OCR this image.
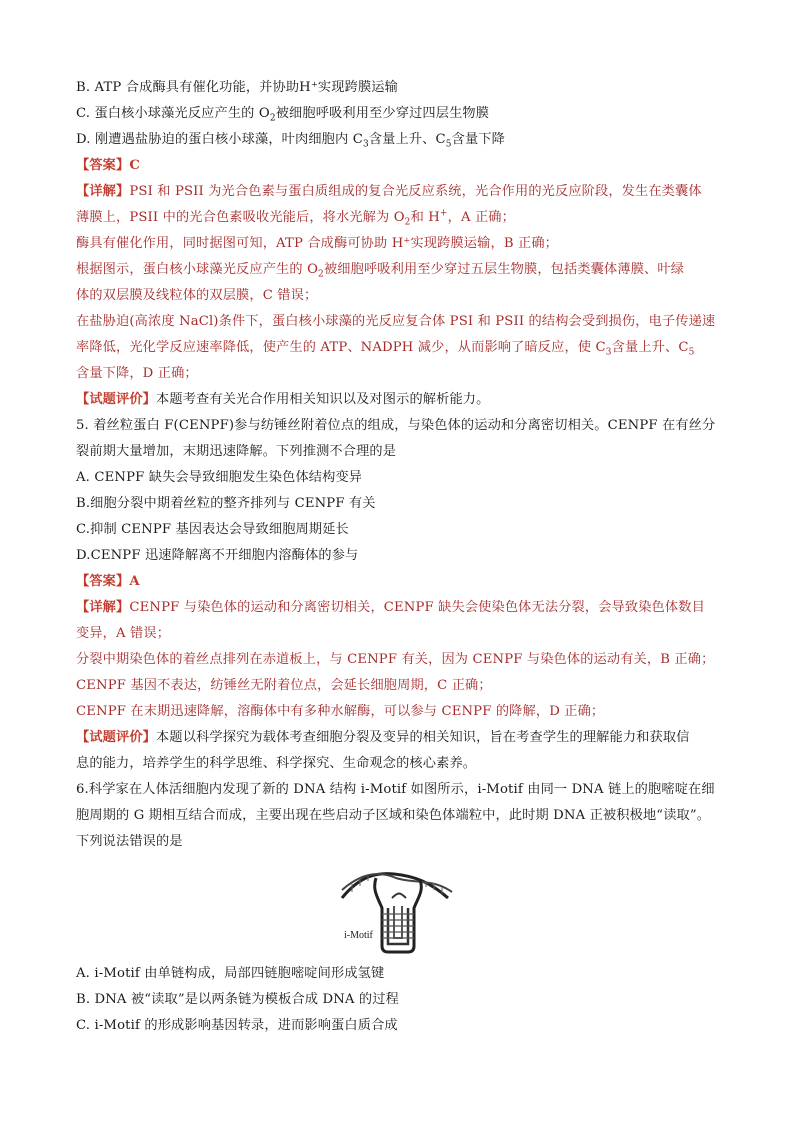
B. ATP 合成酶具有催化功能，并协助H⁺实现跨膜运输
C. 蛋白核小球藻光反应产生的 $O_2$被细胞呼吸利用至少穿过四层生物膜
D. 刚遭遇盐胁迫的蛋白核小球藻，叶肉细胞内 $C_3$含量上升、$C_5$含量下降
【答案】C
【详解】PSI 和 PSII 为光合色素与蛋白质组成的复合光反应系统，光合作用的光反应阶段，发生在类囊体
薄膜上，PSII 中的光合色素吸收光能后，将水光解为 $O_2$和 H+，A 正确；
酶具有催化作用，同时据图可知，ATP 合成酶可协助 H⁺实现跨膜运输，B 正确；
根据图示，蛋白核小球藻光反应产生的 $O_2$被细胞呼吸利用至少穿过五层生物膜，包括类囊体薄膜、叶绿
体的双层膜及线粒体的双层膜，C 错误；
在盐胁迫(高浓度 NaCl)条件下，蛋白核小球藻的光反应复合体 PSI 和 PSII 的结构会受到损伤，电子传递速
率降低，光化学反应速率降低，使产生的 ATP、NADPH 减少，从而影响了暗反应，使 $C_3$含量上升、$C_5$
含量下降，D 正确；
【试题评价】本题考查有关光合作用相关知识以及对图示的解析能力。
5. 着丝粒蛋白 F(CENPF)参与纺锤丝附着位点的组成，与染色体的运动和分离密切相关。CENPF 在有丝分
裂前期大量增加，末期迅速降解。下列推测不合理的是
A. CENPF 缺失会导致细胞发生染色体结构变异
B.细胞分裂中期着丝粒的整齐排列与 CENPF 有关
C.抑制 CENPF 基因表达会导致细胞周期延长
D.CENPF 迅速降解离不开细胞内溶酶体的参与
【答案】A
【详解】CENPF 与染色体的运动和分离密切相关，CENPF 缺失会使染色体无法分裂，会导致染色体数目
变异，A 错误；
分裂中期染色体的着丝点排列在赤道板上，与 CENPF 有关，因为 CENPF 与染色体的运动有关，B 正确；
CENPF 基因不表达，纺锤丝无附着位点，会延长细胞周期，C 正确；
CENPF 在末期迅速降解，溶酶体中有多种水解酶，可以参与 CENPF 的降解，D 正确；
【试题评价】本题以科学探究为载体考查细胞分裂及变异的相关知识，旨在考查学生的理解能力和获取信
息的能力，培养学生的科学思维、科学探究、生命观念的核心素养。
6.科学家在人体活细胞内发现了新的 DNA 结构 i-Motif 如图所示，i-Motif 由同一 DNA 链上的胞嘧啶在细
胞周期的 G 期相互结合而成，主要出现在些启动子区域和染色体端粒中，此时期 DNA 正被积极地“读取”。
下列说法错误的是
i-Motif
A. i-Motif 由单链构成，局部四链胞嘧啶间形成氢键
B. DNA 被“读取”是以两条链为模板合成 DNA 的过程
C. i-Motif 的形成影响基因转录，进而影响蛋白质合成
